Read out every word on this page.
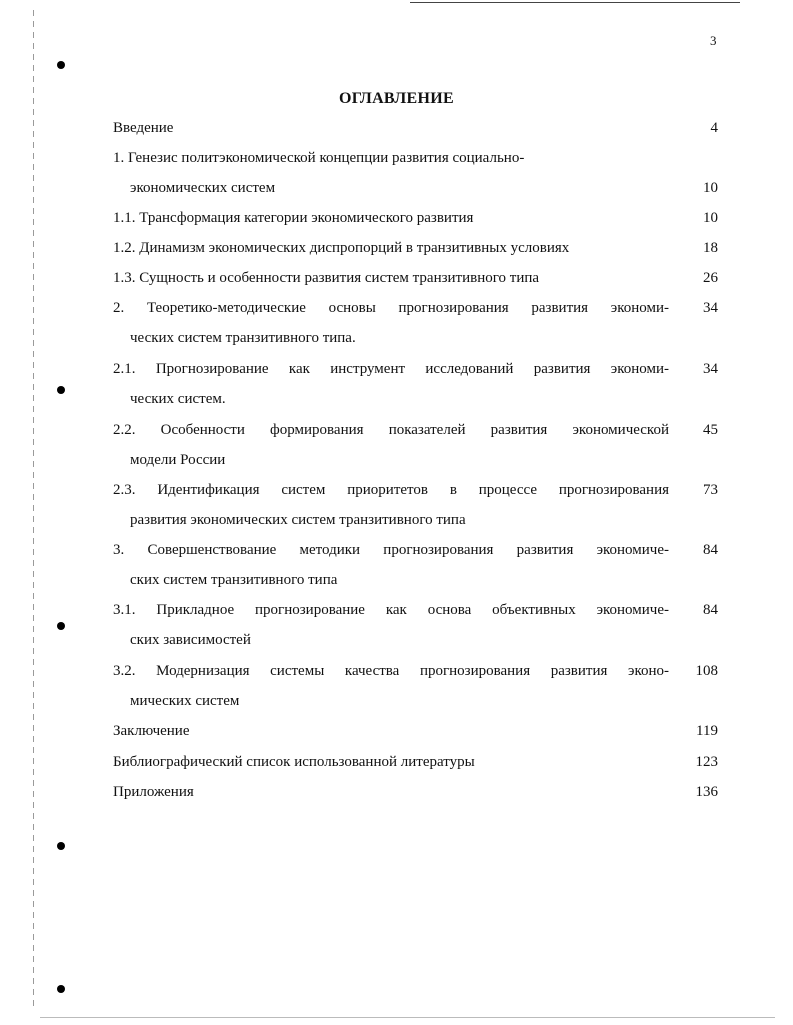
3
ОГЛАВЛЕНИЕ
Введение	4
1. Генезис политэкономической концепции развития социально-
экономических систем	10
1.1. Трансформация категории экономического развития	10
1.2. Динамизм экономических диспропорций в транзитивных условиях	18
1.3. Сущность и особенности развития систем транзитивного типа	26
2. Теоретико-методические основы прогнозирования развития экономи-	34
ческих систем транзитивного типа.
2.1. Прогнозирование как инструмент исследований развития экономи-	34
ческих систем.
2.2. Особенности формирования показателей развития экономической	45
модели России
2.3. Идентификация систем приоритетов в процессе прогнозирования	73
развития экономических систем транзитивного типа
3. Совершенствование методики прогнозирования развития экономиче-	84
ских систем транзитивного типа
3.1. Прикладное прогнозирование как основа объективных экономиче-	84
ских зависимостей
3.2. Модернизация системы качества прогнозирования развития эконо-	108
мических систем
Заключение	119
Библиографический список использованной литературы	123
Приложения	136
